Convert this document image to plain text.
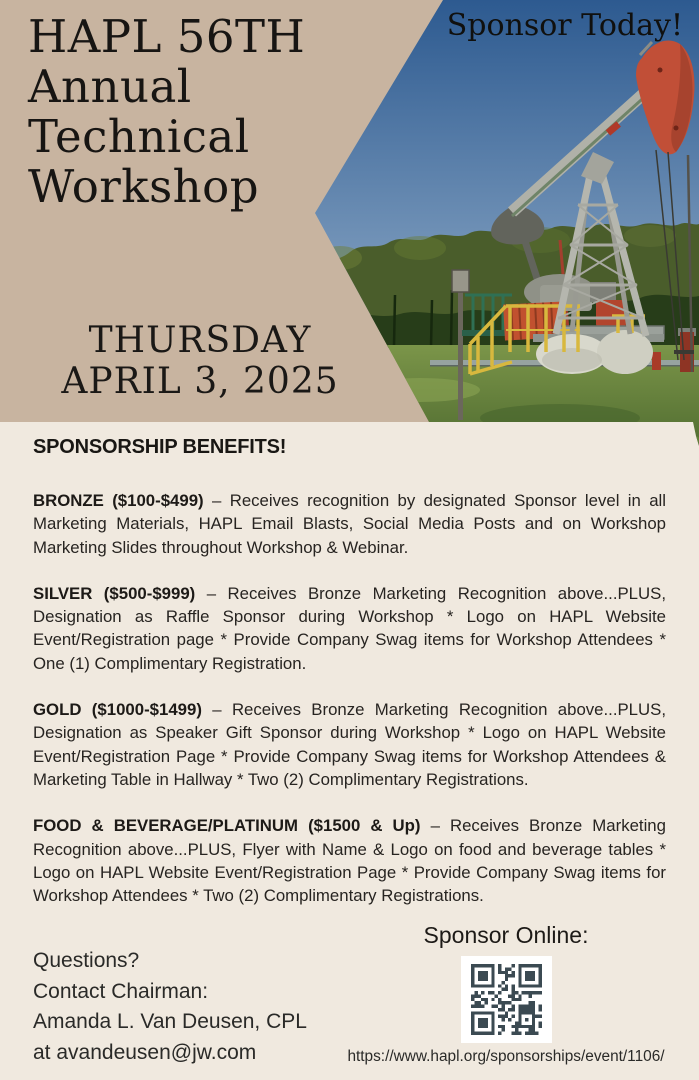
HAPL 56TH
Annual
Technical
Workshop
Sponsor Today!
THURSDAY
APRIL 3, 2025

SPONSORSHIP BENEFITS!

BRONZE ($100-$499) – Receives recognition by designated Sponsor level in all Marketing Materials, HAPL Email Blasts, Social Media Posts and on Workshop Marketing Slides throughout Workshop & Webinar.

SILVER ($500-$999) – Receives Bronze Marketing Recognition above...PLUS, Designation as Raffle Sponsor during Workshop * Logo on HAPL Website Event/Registration page * Provide Company Swag items for Workshop Attendees * One (1) Complimentary Registration.

GOLD ($1000-$1499) – Receives Bronze Marketing Recognition above...PLUS, Designation as Speaker Gift Sponsor during Workshop * Logo on HAPL Website Event/Registration Page * Provide Company Swag items for Workshop Attendees & Marketing Table in Hallway * Two (2) Complimentary Registrations.

FOOD & BEVERAGE/PLATINUM ($1500 & Up) – Receives Bronze Marketing Recognition above...PLUS, Flyer with Name & Logo on food and beverage tables * Logo on HAPL Website Event/Registration Page * Provide Company Swag items for Workshop Attendees * Two (2) Complimentary Registrations.

Questions?
Contact Chairman:
Amanda L. Van Deusen, CPL
at avandeusen@jw.com
Sponsor Online:
https://www.hapl.org/sponsorships/event/1106/
